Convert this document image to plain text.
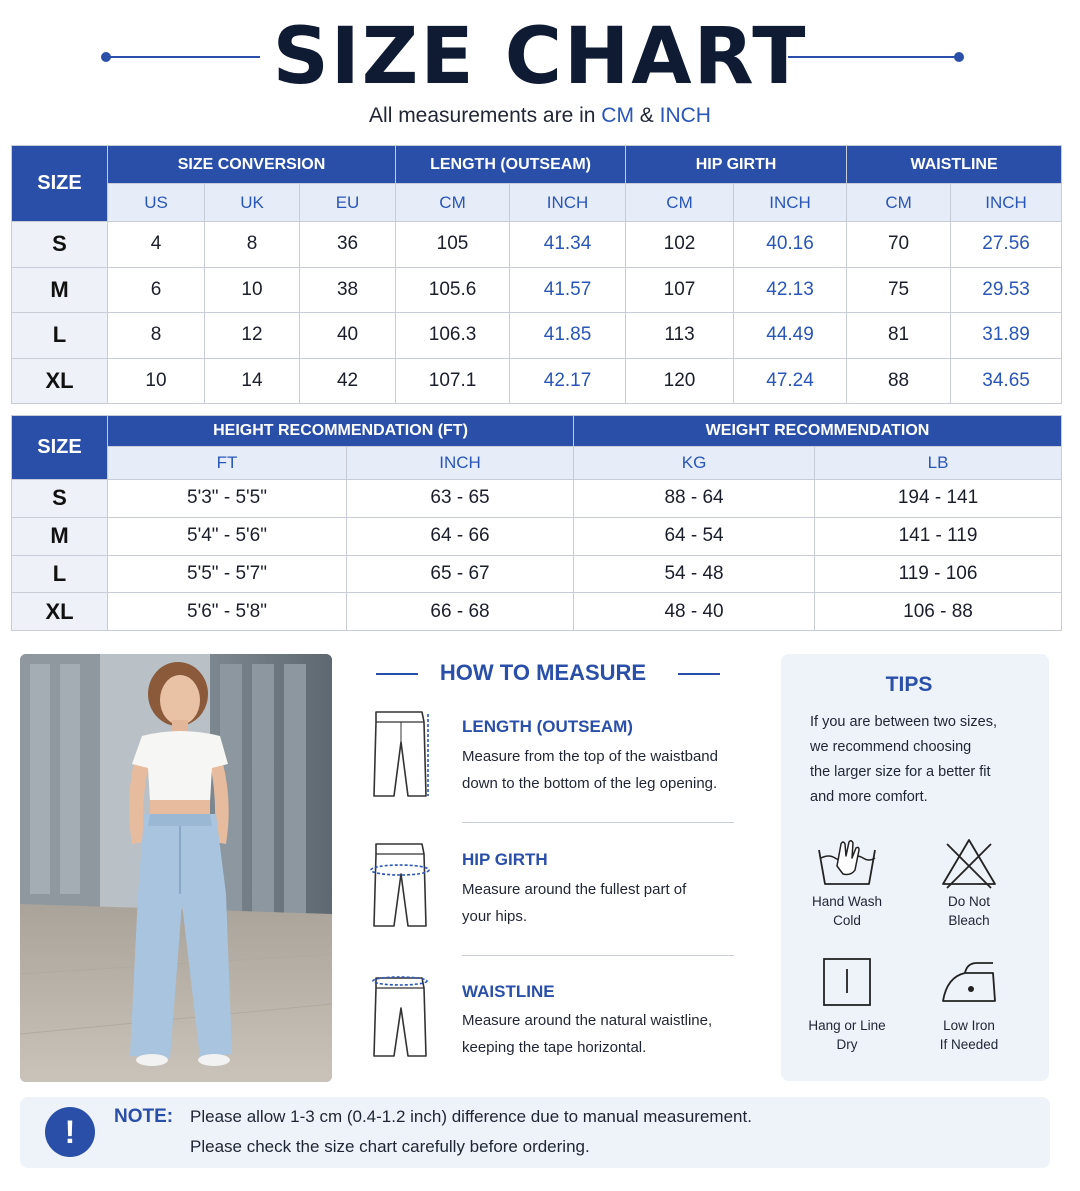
SIZE CHART
All measurements are in CM & INCH
SIZE	SIZE CONVERSION			LENGTH (OUTSEAM)		HIP GIRTH		WAISTLINE	
	US	UK	EU	CM	INCH	CM	INCH	CM	INCH
S	4	8	36	105	41.34	102	40.16	70	27.56
M	6	10	38	105.6	41.57	107	42.13	75	29.53
L	8	12	40	106.3	41.85	113	44.49	81	31.89
XL	10	14	42	107.1	42.17	120	47.24	88	34.65
SIZE	HEIGHT RECOMMENDATION (FT)		WEIGHT RECOMMENDATION	
	FT	INCH	KG	LB
S	5'3" - 5'5"	63 - 65	88 - 64	194 - 141
M	5'4" - 5'6"	64 - 66	64 - 54	141 - 119
L	5'5" - 5'7"	65 - 67	54 - 48	119 - 106
XL	5'6" - 5'8"	66 - 68	48 - 40	106 - 88
HOW TO MEASURE
LENGTH (OUTSEAM)
Measure from the top of the waistband
down to the bottom of the leg opening.
HIP GIRTH
Measure around the fullest part of
your hips.
WAISTLINE
Measure around the natural waistline,
keeping the tape horizontal.
TIPS
If you are between two sizes,
we recommend choosing
the larger size for a better fit
and more comfort.
Hand Wash
Cold
Do Not
Bleach
Hang or Line
Dry
Low Iron
If Needed
!	NOTE: Please allow 1-3 cm (0.4-1.2 inch) difference due to manual measurement.
Please check the size chart carefully before ordering.
